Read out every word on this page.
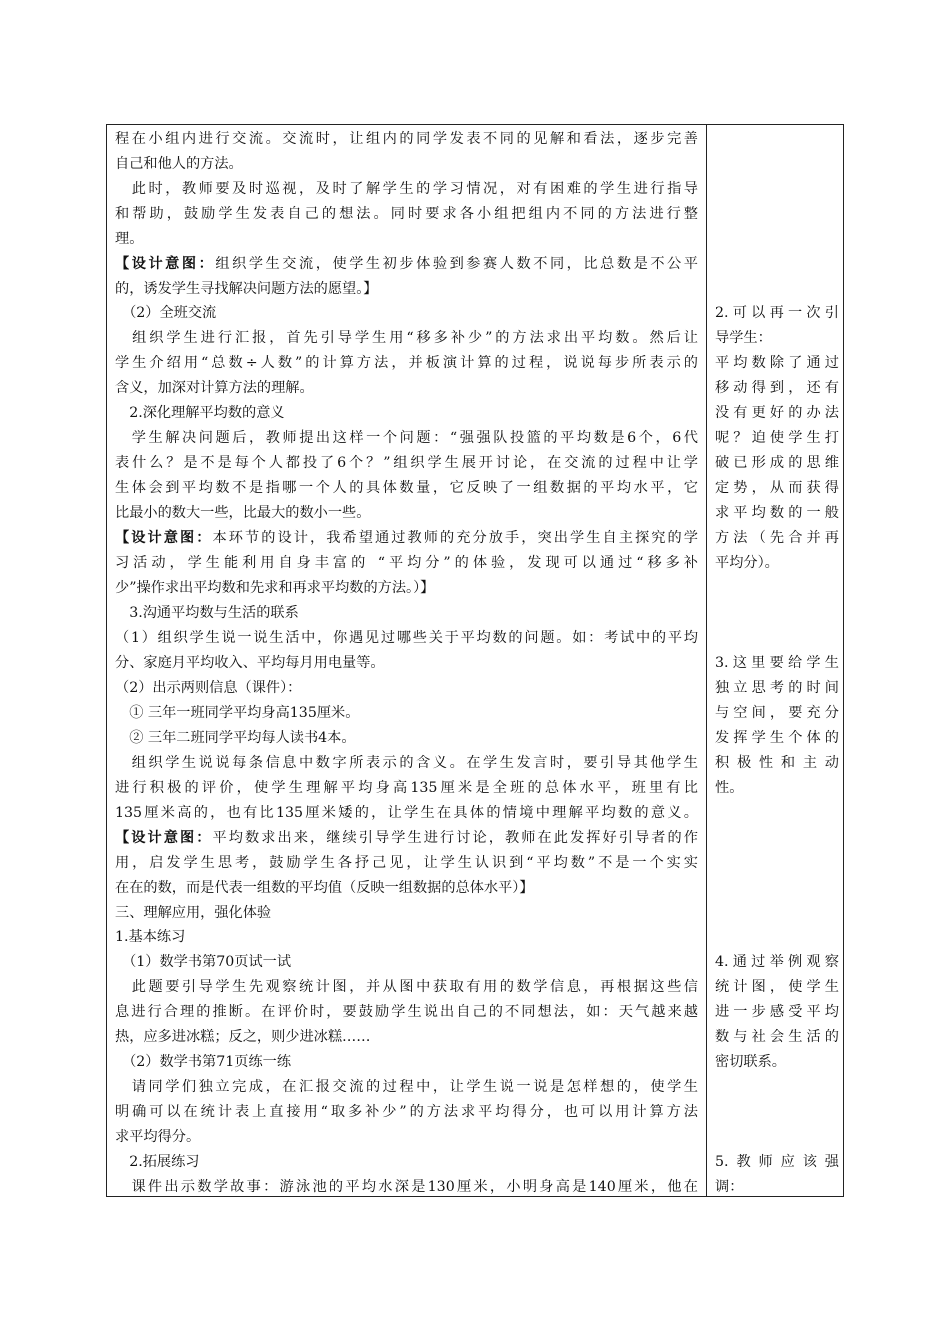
程在小组内进行交流。交流时，让组内的同学发表不同的见解和看法，逐步完善
自己和他人的方法。
　此时，教师要及时巡视，及时了解学生的学习情况，对有困难的学生进行指导
和帮助，鼓励学生发表自己的想法。同时要求各小组把组内不同的方法进行整
理。
【设计意图：组织学生交流，使学生初步体验到参赛人数不同，比总数是不公平
的，诱发学生寻找解决问题方法的愿望。】
　（2）全班交流
　组织学生进行汇报，首先引导学生用“移多补少”的方法求出平均数。然后让
学生介绍用“总数÷人数”的计算方法，并板演计算的过程，说说每步所表示的
含义，加深对计算方法的理解。
　2.深化理解平均数的意义
　学生解决问题后，教师提出这样一个问题：“强强队投篮的平均数是6个，6代
表什么？是不是每个人都投了6个？”组织学生展开讨论，在交流的过程中让学
生体会到平均数不是指哪一个人的具体数量，它反映了一组数据的平均水平，它
比最小的数大一些，比最大的数小一些。
【设计意图：本环节的设计，我希望通过教师的充分放手，突出学生自主探究的学
习活动，学生能利用自身丰富的 “平均分”的体验，发现可以通过“移多补
少”操作求出平均数和先求和再求平均数的方法。）】
　3.沟通平均数与生活的联系
（1）组织学生说一说生活中，你遇见过哪些关于平均数的问题。如：考试中的平均
分、家庭月平均收入、平均每月用电量等。
（2）出示两则信息（课件）：
　① 三年一班同学平均身高135厘米。
　② 三年二班同学平均每人读书4本。
　组织学生说说每条信息中数字所表示的含义。在学生发言时，要引导其他学生
进行积极的评价，使学生理解平均身高135厘米是全班的总体水平，班里有比
135厘米高的，也有比135厘米矮的，让学生在具体的情境中理解平均数的意义。
【设计意图：平均数求出来，继续引导学生进行讨论，教师在此发挥好引导者的作
用，启发学生思考，鼓励学生各抒己见，让学生认识到“平均数”不是一个实实
在在的数，而是代表一组数的平均值（反映一组数据的总体水平）】
三、理解应用，强化体验
1.基本练习
　（1）数学书第70页试一试
　此题要引导学生先观察统计图，并从图中获取有用的数学信息，再根据这些信
息进行合理的推断。在评价时，要鼓励学生说出自己的不同想法，如：天气越来越
热，应多进冰糕；反之，则少进冰糕……
　（2）数学书第71页练一练
　请同学们独立完成，在汇报交流的过程中，让学生说一说是怎样想的，使学生
明确可以在统计表上直接用“取多补少”的方法求平均得分，也可以用计算方法
求平均得分。
　2.拓展练习
　课件出示数学故事：游泳池的平均水深是130厘米，小明身高是140厘米，他在
2.可以再一次引
导学生：
平均数除了通过
移动得到，还有
没有更好的办法
呢？迫使学生打
破已形成的思维
定势，从而获得
求平均数的一般
方法（先合并再
平均分）。
3.这里要给学生
独立思考的时间
与空间，要充分
发挥学生个体的
积极性和主动
性。
4.通过举例观察
统计图，使学生
进一步感受平均
数与社会生活的
密切联系。
5.教师应该强
调：
